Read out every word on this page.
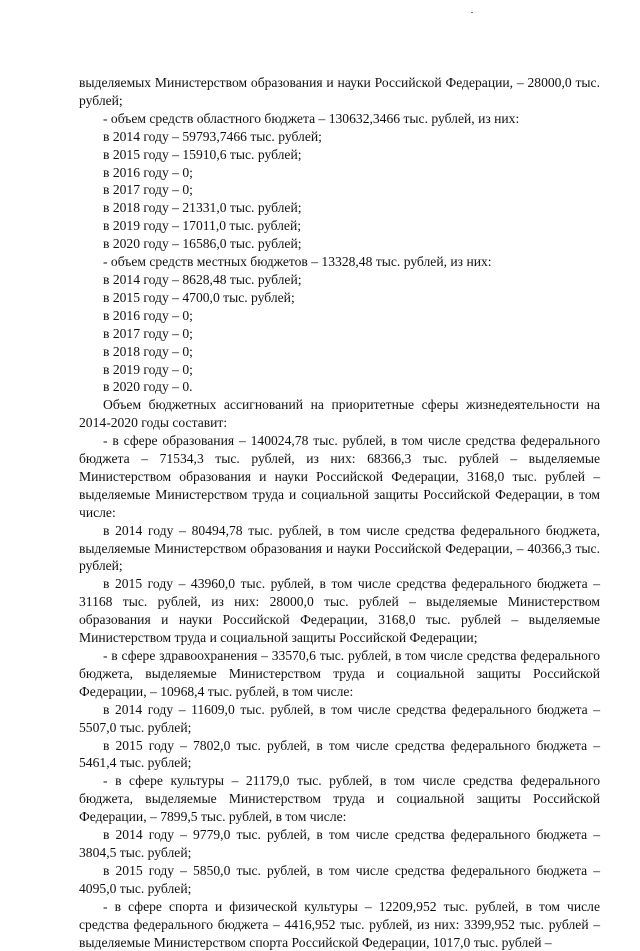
выделяемых Министерством образования и науки Российской Федерации, – 28000,0 тыс. рублей;

- объем средств областного бюджета – 130632,3466 тыс. рублей, из них:

в 2014 году – 59793,7466 тыс. рублей;

в 2015 году – 15910,6 тыс. рублей;

в 2016 году – 0;

в 2017 году – 0;

в 2018 году – 21331,0 тыс. рублей;

в 2019 году – 17011,0 тыс. рублей;

в 2020 году – 16586,0 тыс. рублей;

- объем средств местных бюджетов – 13328,48 тыс. рублей, из них:

в 2014 году – 8628,48 тыс. рублей;

в 2015 году – 4700,0 тыс. рублей;

в 2016 году – 0;

в 2017 году – 0;

в 2018 году – 0;

в 2019 году – 0;

в 2020 году – 0.

Объем бюджетных ассигнований на приоритетные сферы жизнедеятельности на 2014-2020 годы составит:

- в сфере образования – 140024,78 тыс. рублей, в том числе средства федерального бюджета – 71534,3 тыс. рублей, из них: 68366,3 тыс. рублей – выделяемые Министерством образования и науки Российской Федерации, 3168,0 тыс. рублей – выделяемые Министерством труда и социальной защиты Российской Федерации, в том числе:

в 2014 году – 80494,78 тыс. рублей, в том числе средства федерального бюджета, выделяемые Министерством образования и науки Российской Федерации, – 40366,3 тыс. рублей;

в 2015 году – 43960,0 тыс. рублей, в том числе средства федерального бюджета – 31168 тыс. рублей, из них: 28000,0 тыс. рублей – выделяемые Министерством образования и науки Российской Федерации, 3168,0 тыс. рублей – выделяемые Министерством труда и социальной защиты Российской Федерации;

- в сфере здравоохранения – 33570,6 тыс. рублей, в том числе средства федерального бюджета, выделяемые Министерством труда и социальной защиты Российской Федерации, – 10968,4 тыс. рублей, в том числе:

в 2014 году – 11609,0 тыс. рублей, в том числе средства федерального бюджета – 5507,0 тыс. рублей;

в 2015 году – 7802,0 тыс. рублей, в том числе средства федерального бюджета – 5461,4 тыс. рублей;

- в сфере культуры – 21179,0 тыс. рублей, в том числе средства федерального бюджета, выделяемые Министерством труда и социальной защиты Российской Федерации, – 7899,5 тыс. рублей, в том числе:

в 2014 году – 9779,0 тыс. рублей, в том числе средства федерального бюджета – 3804,5 тыс. рублей;

в 2015 году – 5850,0 тыс. рублей, в том числе средства федерального бюджета – 4095,0 тыс. рублей;

- в сфере спорта и физической культуры – 12209,952 тыс. рублей, в том числе средства федерального бюджета – 4416,952 тыс. рублей, из них: 3399,952 тыс. рублей – выделяемые Министерством спорта Российской Федерации, 1017,0 тыс. рублей –
